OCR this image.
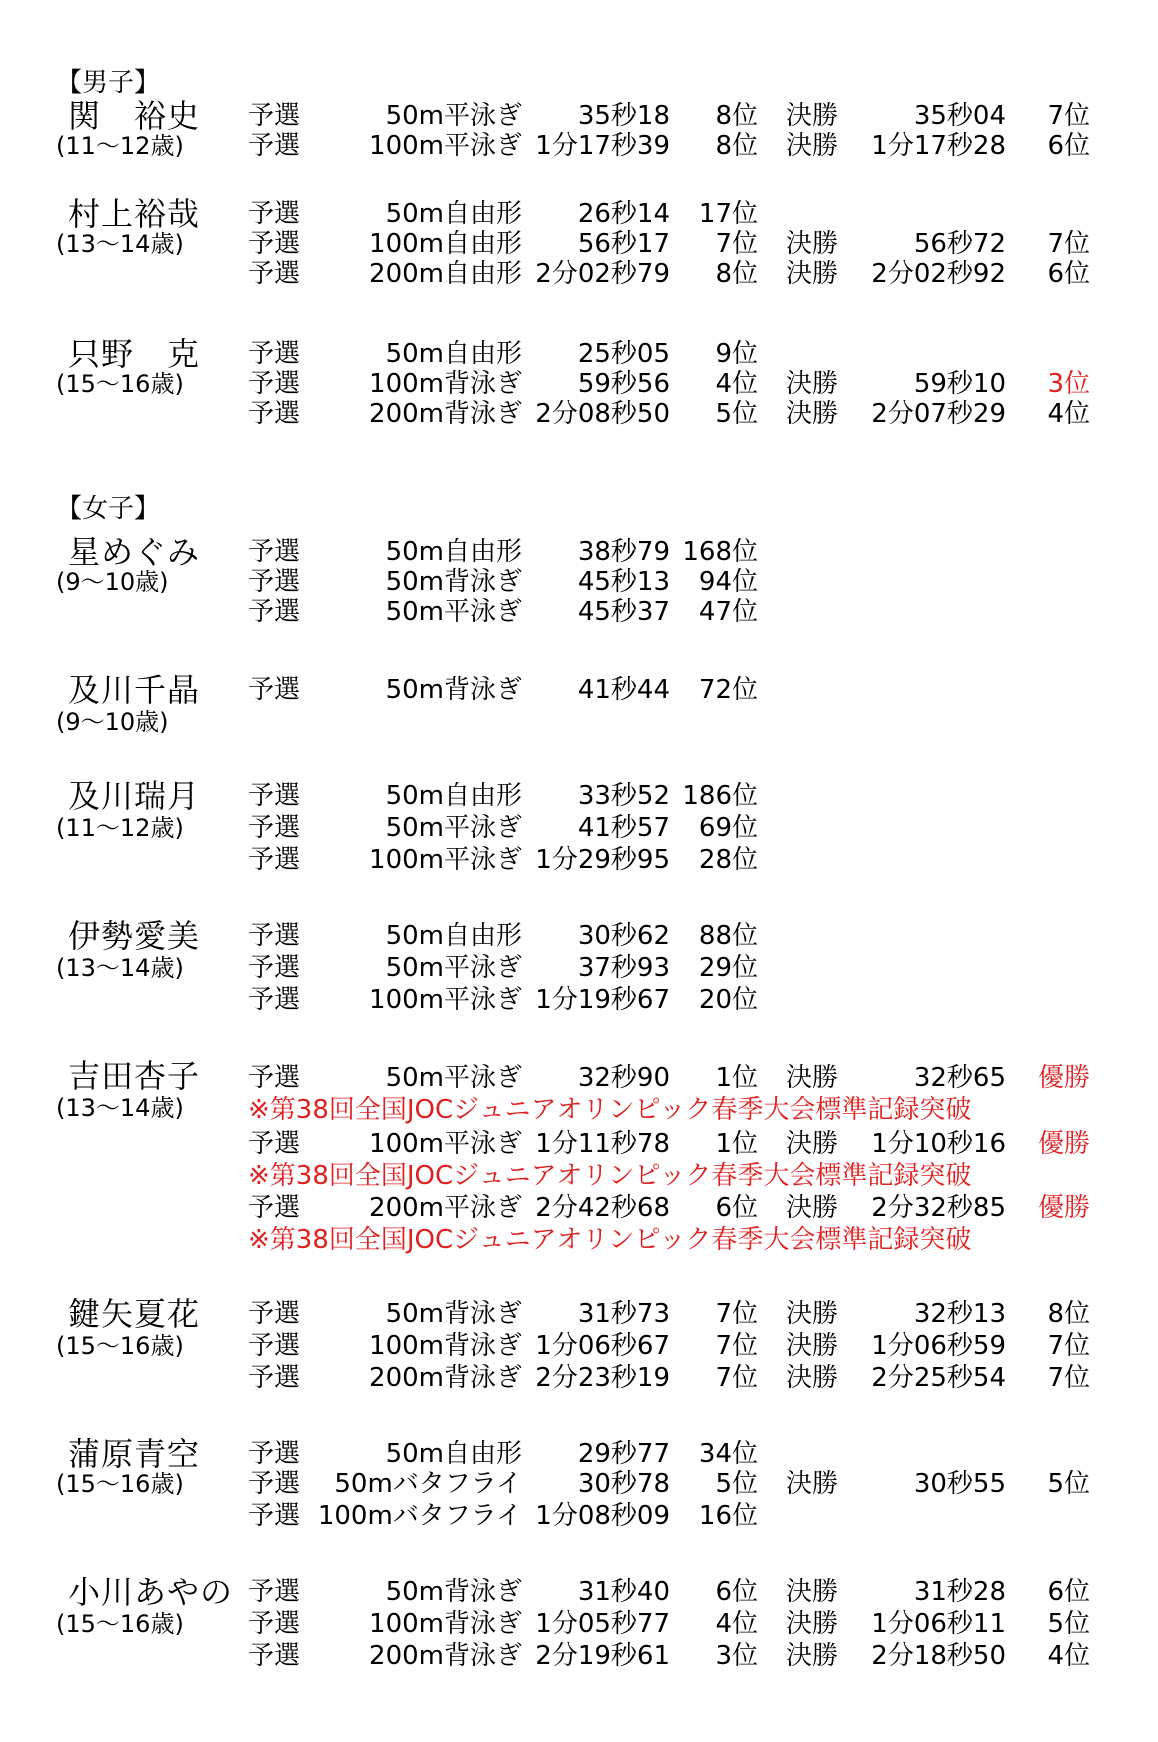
【男子】
関　裕史
(11～12歳)
予選	50m平泳ぎ	35秒18	8位 決勝	35秒04	7位
予選	100m平泳ぎ 1分17秒39	8位 決勝	1分17秒28	6位
村上裕哉
(13～14歳)
予選	50m自由形	26秒14	17位
予選	100m自由形	56秒17	7位 決勝	56秒72	7位
予選	200m自由形 2分02秒79	8位 決勝	2分02秒92	6位
只野　克
(15～16歳)
予選	50m自由形	25秒05	9位
予選	100m背泳ぎ	59秒56	4位 決勝	59秒10	3位
予選	200m背泳ぎ 2分08秒50	5位 決勝	2分07秒29	4位
【女子】
星めぐみ
(9～10歳)
予選	50m自由形	38秒79 168位
予選	50m背泳ぎ	45秒13	94位
予選	50m平泳ぎ	45秒37	47位
及川千晶
(9～10歳)
予選	50m背泳ぎ	41秒44	72位
及川瑞月
(11～12歳)
予選	50m自由形	33秒52 186位
予選	50m平泳ぎ	41秒57	69位
予選	100m平泳ぎ 1分29秒95	28位
伊勢愛美
(13～14歳)
予選	50m自由形	30秒62	88位
予選	50m平泳ぎ	37秒93	29位
予選	100m平泳ぎ 1分19秒67	20位
吉田杏子
(13～14歳)
予選	50m平泳ぎ	32秒90	1位 決勝	32秒65	優勝
※第38回全国JOCジュニアオリンピック春季大会標準記録突破
予選	100m平泳ぎ 1分11秒78	1位 決勝	1分10秒16	優勝
※第38回全国JOCジュニアオリンピック春季大会標準記録突破
予選	200m平泳ぎ 2分42秒68	6位 決勝	2分32秒85	優勝
※第38回全国JOCジュニアオリンピック春季大会標準記録突破
鍵矢夏花
(15～16歳)
予選	50m背泳ぎ	31秒73	7位 決勝	32秒13	8位
予選	100m背泳ぎ 1分06秒67	7位 決勝	1分06秒59	7位
予選	200m背泳ぎ 2分23秒19	7位 決勝	2分25秒54	7位
蒲原青空
(15～16歳)
予選	50m自由形	29秒77	34位
予選	50mバタフライ	30秒78	5位 決勝	30秒55	5位
予選 100mバタフライ 1分08秒09	16位
小川あやの
(15～16歳)
予選	50m背泳ぎ	31秒40	6位 決勝	31秒28	6位
予選	100m背泳ぎ 1分05秒77	4位 決勝	1分06秒11	5位
予選	200m背泳ぎ 2分19秒61	3位 決勝	2分18秒50	4位
